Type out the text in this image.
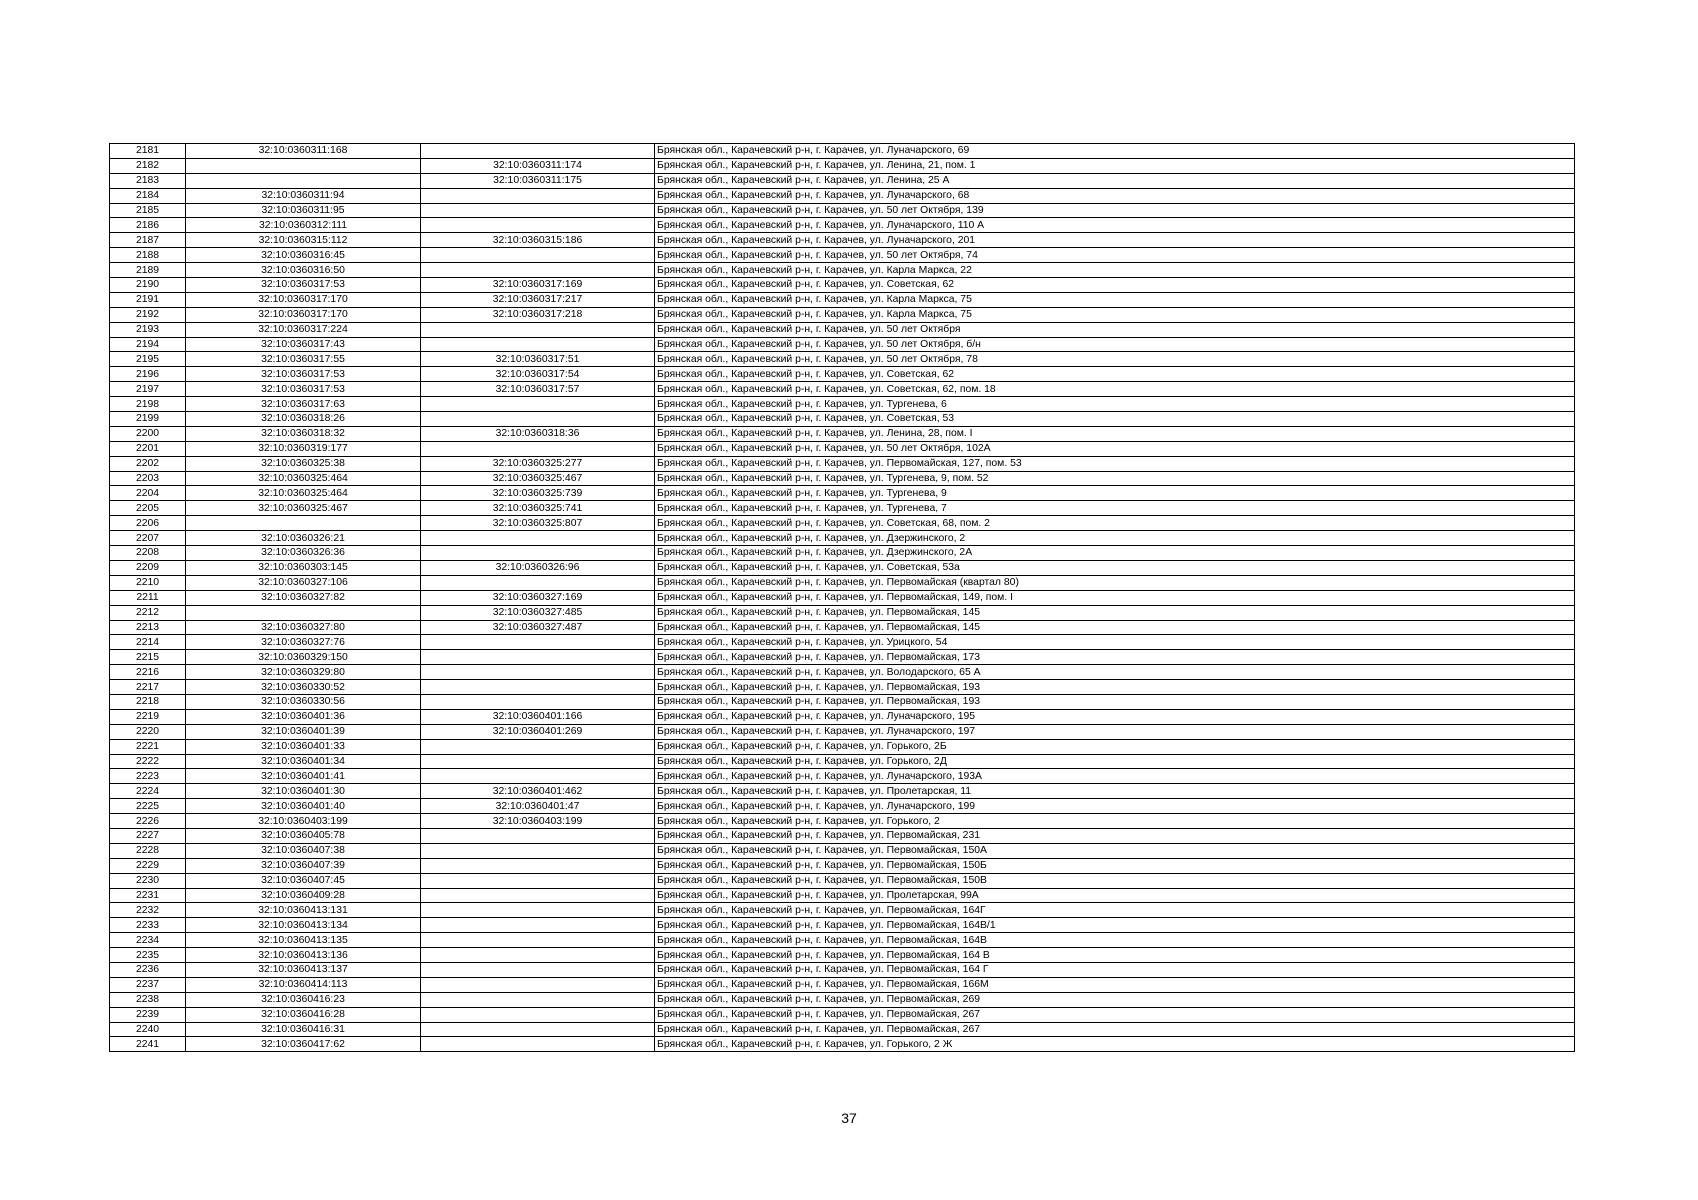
2181	32:10:0360311:168		Брянская обл., Карачевский р-н, г. Карачев, ул. Луначарского, 69
2182		32:10:0360311:174	Брянская обл., Карачевский р-н, г. Карачев, ул. Ленина, 21, пом. 1
2183		32:10:0360311:175	Брянская обл., Карачевский р-н, г. Карачев, ул. Ленина, 25 А
2184	32:10:0360311:94		Брянская обл., Карачевский р-н, г. Карачев, ул. Луначарского, 68
2185	32:10:0360311:95		Брянская обл., Карачевский р-н, г. Карачев, ул. 50 лет Октября, 139
2186	32:10:0360312:111		Брянская обл., Карачевский р-н, г. Карачев, ул. Луначарского, 110 А
2187	32:10:0360315:112	32:10:0360315:186	Брянская обл., Карачевский р-н, г. Карачев, ул. Луначарского, 201
2188	32:10:0360316:45		Брянская обл., Карачевский р-н, г. Карачев, ул. 50 лет Октября, 74
2189	32:10:0360316:50		Брянская обл., Карачевский р-н, г. Карачев, ул. Карла Маркса, 22
2190	32:10:0360317:53	32:10:0360317:169	Брянская обл., Карачевский р-н, г. Карачев, ул. Советская, 62
2191	32:10:0360317:170	32:10:0360317:217	Брянская обл., Карачевский р-н, г. Карачев, ул. Карла Маркса, 75
2192	32:10:0360317:170	32:10:0360317:218	Брянская обл., Карачевский р-н, г. Карачев, ул. Карла Маркса, 75
2193	32:10:0360317:224		Брянская обл., Карачевский р-н, г. Карачев, ул. 50 лет Октября
2194	32:10:0360317:43		Брянская обл., Карачевский р-н, г. Карачев, ул. 50 лет Октября, б/н
2195	32:10:0360317:55	32:10:0360317:51	Брянская обл., Карачевский р-н, г. Карачев, ул. 50 лет Октября, 78
2196	32:10:0360317:53	32:10:0360317:54	Брянская обл., Карачевский р-н, г. Карачев, ул. Советская, 62
2197	32:10:0360317:53	32:10:0360317:57	Брянская обл., Карачевский р-н, г. Карачев, ул. Советская, 62, пом. 18
2198	32:10:0360317:63		Брянская обл., Карачевский р-н, г. Карачев, ул. Тургенева, 6
2199	32:10:0360318:26		Брянская обл., Карачевский р-н, г. Карачев, ул. Советская, 53
2200	32:10:0360318:32	32:10:0360318:36	Брянская обл., Карачевский р-н, г. Карачев, ул. Ленина, 28, пом. I
2201	32:10:0360319:177		Брянская обл., Карачевский р-н, г. Карачев, ул. 50 лет Октября, 102А
2202	32:10:0360325:38	32:10:0360325:277	Брянская обл., Карачевский р-н, г. Карачев, ул. Первомайская, 127, пом. 53
2203	32:10:0360325:464	32:10:0360325:467	Брянская обл., Карачевский р-н, г. Карачев, ул. Тургенева, 9, пом. 52
2204	32:10:0360325:464	32:10:0360325:739	Брянская обл., Карачевский р-н, г. Карачев, ул. Тургенева, 9
2205	32:10:0360325:467	32:10:0360325:741	Брянская обл., Карачевский р-н, г. Карачев, ул. Тургенева, 7
2206		32:10:0360325:807	Брянская обл., Карачевский р-н, г. Карачев, ул. Советская, 68, пом. 2
2207	32:10:0360326:21		Брянская обл., Карачевский р-н, г. Карачев, ул. Дзержинского, 2
2208	32:10:0360326:36		Брянская обл., Карачевский р-н, г. Карачев, ул. Дзержинского, 2А
2209	32:10:0360303:145	32:10:0360326:96	Брянская обл., Карачевский р-н, г. Карачев, ул. Советская, 53а
2210	32:10:0360327:106		Брянская обл., Карачевский р-н, г. Карачев, ул. Первомайская (квартал 80)
2211	32:10:0360327:82	32:10:0360327:169	Брянская обл., Карачевский р-н, г. Карачев, ул. Первомайская, 149, пом. I
2212		32:10:0360327:485	Брянская обл., Карачевский р-н, г. Карачев, ул. Первомайская, 145
2213	32:10:0360327:80	32:10:0360327:487	Брянская обл., Карачевский р-н, г. Карачев, ул. Первомайская, 145
2214	32:10:0360327:76		Брянская обл., Карачевский р-н, г. Карачев, ул. Урицкого, 54
2215	32:10:0360329:150		Брянская обл., Карачевский р-н, г. Карачев, ул. Первомайская, 173
2216	32:10:0360329:80		Брянская обл., Карачевский р-н, г. Карачев, ул. Володарского, 65 А
2217	32:10:0360330:52		Брянская обл., Карачевский р-н, г. Карачев, ул. Первомайская, 193
2218	32:10:0360330:56		Брянская обл., Карачевский р-н, г. Карачев, ул. Первомайская, 193
2219	32:10:0360401:36	32:10:0360401:166	Брянская обл., Карачевский р-н, г. Карачев, ул. Луначарского, 195
2220	32:10:0360401:39	32:10:0360401:269	Брянская обл., Карачевский р-н, г. Карачев, ул. Луначарского, 197
2221	32:10:0360401:33		Брянская обл., Карачевский р-н, г. Карачев, ул. Горького, 2Б
2222	32:10:0360401:34		Брянская обл., Карачевский р-н, г. Карачев, ул. Горького, 2Д
2223	32:10:0360401:41		Брянская обл., Карачевский р-н, г. Карачев, ул. Луначарского, 193А
2224	32:10:0360401:30	32:10:0360401:462	Брянская обл., Карачевский р-н, г. Карачев, ул. Пролетарская, 11
2225	32:10:0360401:40	32:10:0360401:47	Брянская обл., Карачевский р-н, г. Карачев, ул. Луначарского, 199
2226	32:10:0360403:199	32:10:0360403:199	Брянская обл., Карачевский р-н, г. Карачев, ул. Горького, 2
2227	32:10:0360405:78		Брянская обл., Карачевский р-н, г. Карачев, ул. Первомайская, 231
2228	32:10:0360407:38		Брянская обл., Карачевский р-н, г. Карачев, ул. Первомайская, 150А
2229	32:10:0360407:39		Брянская обл., Карачевский р-н, г. Карачев, ул. Первомайская, 150Б
2230	32:10:0360407:45		Брянская обл., Карачевский р-н, г. Карачев, ул. Первомайская, 150В
2231	32:10:0360409:28		Брянская обл., Карачевский р-н, г. Карачев, ул. Пролетарская, 99А
2232	32:10:0360413:131		Брянская обл., Карачевский р-н, г. Карачев, ул. Первомайская, 164Г
2233	32:10:0360413:134		Брянская обл., Карачевский р-н, г. Карачев, ул. Первомайская, 164В/1
2234	32:10:0360413:135		Брянская обл., Карачевский р-н, г. Карачев, ул. Первомайская, 164В
2235	32:10:0360413:136		Брянская обл., Карачевский р-н, г. Карачев, ул. Первомайская, 164 В
2236	32:10:0360413:137		Брянская обл., Карачевский р-н, г. Карачев, ул. Первомайская, 164 Г
2237	32:10:0360414:113		Брянская обл., Карачевский р-н, г. Карачев, ул. Первомайская, 166М
2238	32:10:0360416:23		Брянская обл., Карачевский р-н, г. Карачев, ул. Первомайская, 269
2239	32:10:0360416:28		Брянская обл., Карачевский р-н, г. Карачев, ул. Первомайская, 267
2240	32:10:0360416:31		Брянская обл., Карачевский р-н, г. Карачев, ул. Первомайская, 267
2241	32:10:0360417:62		Брянская обл., Карачевский р-н, г. Карачев, ул. Горького, 2 Ж
37
